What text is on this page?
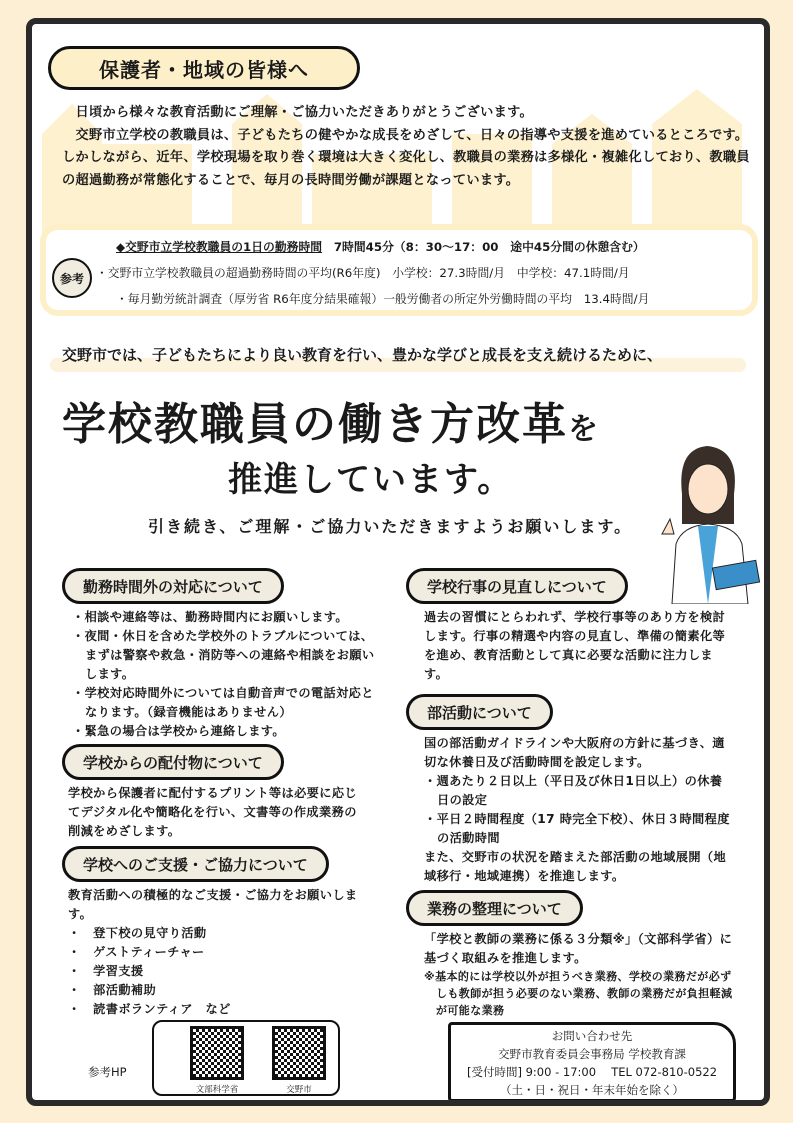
保護者・地域の皆様へ

　日頃から様々な教育活動にご理解・ご協力いただきありがとうございます。

　交野市立学校の教職員は、子どもたちの健やかな成長をめざして、日々の指導や支援を進めているところです。しかしながら、近年、学校現場を取り巻く環境は大きく変化し、教職員の業務は多様化・複雑化しており、教職員の超過勤務が常態化することで、毎月の長時間労働が課題となっています。

◆交野市立学校教職員の1日の勤務時間　7時間45分（8：30〜17：00　途中45分間の休憩含む）
・交野市立学校教職員の超過勤務時間の平均(R6年度)　小学校：27.3時間/月　中学校：47.1時間/月
・毎月勤労統計調査（厚労省 R6年度分結果確報）一般労働者の所定外労働時間の平均　13.4時間/月
参考
交野市では、子どもたちにより良い教育を行い、豊かな学びと成長を支え続けるために、
学校教職員の働き方改革を
推進しています。
引き続き、ご理解・ご協力いただきますようお願いします。
勤務時間外の対応について

・相談や連絡等は、勤務時間内にお願いします。

・夜間・休日を含めた学校外のトラブルについては、まずは警察や救急・消防等への連絡や相談をお願いします。

・学校対応時間外については自動音声での電話対応となります。（録音機能はありません）

・緊急の場合は学校から連絡します。

学校からの配付物について
学校から保護者に配付するプリント等は必要に応じてデジタル化や簡略化を行い、文書等の作成業務の削減をめざします。
学校へのご支援・ご協力について

教育活動への積極的なご支援・ご協力をお願いします。

・　登下校の見守り活動

・　ゲストティーチャー

・　学習支援

・　部活動補助

・　読書ボランティア　など

参考HP
文部科学省	交野市
学校行事の見直しについて
過去の習慣にとらわれず、学校行事等のあり方を検討します。行事の精選や内容の見直し、準備の簡素化等を進め、教育活動として真に必要な活動に注力します。
部活動について

国の部活動ガイドラインや大阪府の方針に基づき、適切な休養日及び活動時間を設定します。

・週あたり２日以上（平日及び休日1日以上）の休養日の設定

・平日２時間程度（17 時完全下校）、休日３時間程度の活動時間

また、交野市の状況を踏まえた部活動の地域展開（地域移行・地域連携）を推進します。

業務の整理について

「学校と教師の業務に係る３分類※」（文部科学省）に基づく取組みを推進します。

※基本的には学校以外が担うべき業務、学校の業務だが必ずしも教師が担う必要のない業務、教師の業務だが負担軽減が可能な業務

お問い合わせ先

交野市教育委員会事務局 学校教育課

[受付時間] 9:00 - 17:00　 TEL 072-810-0522

（土・日・祝日・年末年始を除く）
